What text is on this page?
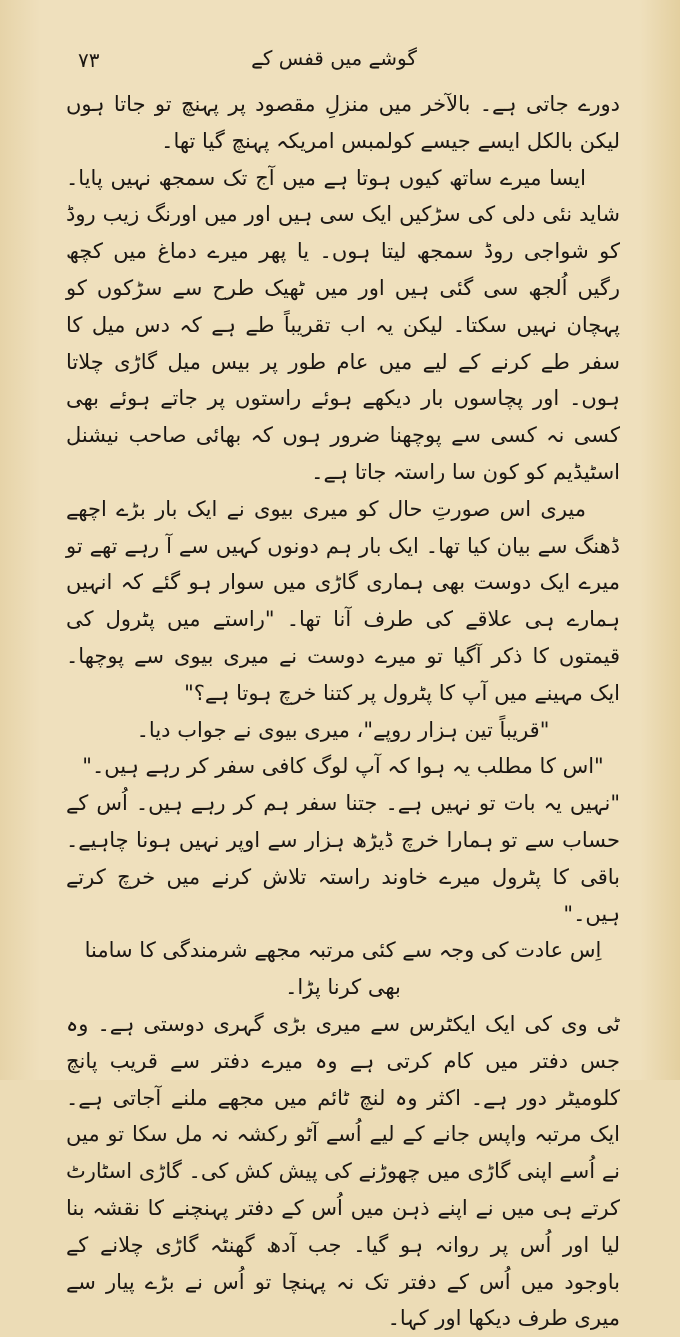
۷۳	گوشے میں قفس کے

دورے جاتی ہے۔ بالآخر میں منزلِ مقصود پر پہنچ تو جاتا ہوں لیکن بالکل ایسے جیسے کولمبس امریکہ پہنچ گیا تھا۔

ایسا میرے ساتھ کیوں ہوتا ہے میں آج تک سمجھ نہیں پایا۔ شاید نئی دلی کی سڑکیں ایک سی ہیں اور میں اورنگ زیب روڈ کو شواجی روڈ سمجھ لیتا ہوں۔ یا پھر میرے دماغ میں کچھ رگیں اُلجھ سی گئی ہیں اور میں ٹھیک طرح سے سڑکوں کو پہچان نہیں سکتا۔ لیکن یہ اب تقریباً طے ہے کہ دس میل کا سفر طے کرنے کے لیے میں عام طور پر بیس میل گاڑی چلاتا ہوں۔ اور پچاسوں بار دیکھے ہوئے راستوں پر جاتے ہوئے بھی کسی نہ کسی سے پوچھنا ضرور ہوں کہ بھائی صاحب نیشنل اسٹیڈیم کو کون سا راستہ جاتا ہے۔

میری اس صورتِ حال کو میری بیوی نے ایک بار بڑے اچھے ڈھنگ سے بیان کیا تھا۔ ایک بار ہم دونوں کہیں سے آ رہے تھے تو میرے ایک دوست بھی ہماری گاڑی میں سوار ہو گئے کہ انہیں ہمارے ہی علاقے کی طرف آنا تھا۔ "راستے میں پٹرول کی قیمتوں کا ذکر آگیا تو میرے دوست نے میری بیوی سے پوچھا۔ ایک مہینے میں آپ کا پٹرول پر کتنا خرچ ہوتا ہے؟"

"قریباً تین ہزار روپے"، میری بیوی نے جواب دیا۔

"اس کا مطلب یہ ہوا کہ آپ لوگ کافی سفر کر رہے ہیں۔"

"نہیں یہ بات تو نہیں ہے۔ جتنا سفر ہم کر رہے ہیں۔ اُس کے حساب سے تو ہمارا خرچ ڈیڑھ ہزار سے اوپر نہیں ہونا چاہیے۔ باقی کا پٹرول میرے خاوند راستہ تلاش کرنے میں خرچ کرتے ہیں۔"

اِس عادت کی وجہ سے کئی مرتبہ مجھے شرمندگی کا سامنا بھی کرنا پڑا۔

ٹی وی کی ایک ایکٹرس سے میری بڑی گہری دوستی ہے۔ وہ جس دفتر میں کام کرتی ہے وہ میرے دفتر سے قریب پانچ کلومیٹر دور ہے۔ اکثر وہ لنچ ٹائم میں مجھے ملنے آجاتی ہے۔ ایک مرتبہ واپس جانے کے لیے اُسے آٹو رکشہ نہ مل سکا تو میں نے اُسے اپنی گاڑی میں چھوڑنے کی پیش کش کی۔ گاڑی اسٹارٹ کرتے ہی میں نے اپنے ذہن میں اُس کے دفتر پہنچنے کا نقشہ بنا لیا اور اُس پر روانہ ہو گیا۔ جب آدھ گھنٹہ گاڑی چلانے کے باوجود میں اُس کے دفتر تک نہ پہنچا تو اُس نے بڑے پیار سے میری طرف دیکھا اور کہا۔
